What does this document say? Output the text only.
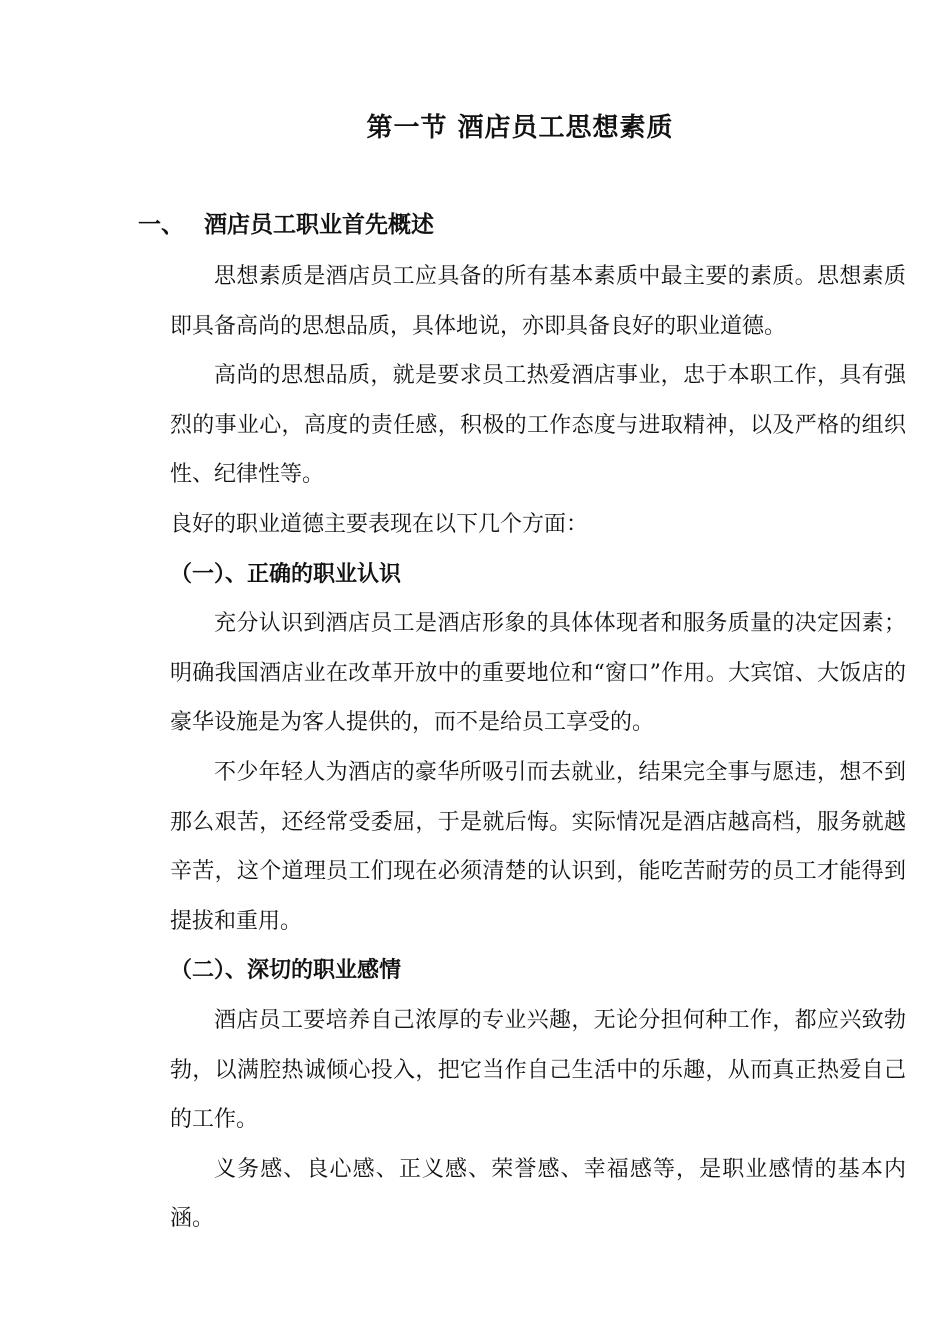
第一节 酒店员工思想素质
一、 酒店员工职业首先概述

思想素质是酒店员工应具备的所有基本素质中最主要的素质。思想素质即具备高尚的思想品质，具体地说，亦即具备良好的职业道德。

高尚的思想品质，就是要求员工热爱酒店事业，忠于本职工作，具有强烈的事业心，高度的责任感，积极的工作态度与进取精神，以及严格的组织性、纪律性等。

良好的职业道德主要表现在以下几个方面：

（一）、正确的职业认识

充分认识到酒店员工是酒店形象的具体体现者和服务质量的决定因素；明确我国酒店业在改革开放中的重要地位和“窗口”作用。大宾馆、大饭店的豪华设施是为客人提供的，而不是给员工享受的。

不少年轻人为酒店的豪华所吸引而去就业，结果完全事与愿违，想不到那么艰苦，还经常受委屈，于是就后悔。实际情况是酒店越高档，服务就越辛苦，这个道理员工们现在必须清楚的认识到，能吃苦耐劳的员工才能得到提拔和重用。

（二）、深切的职业感情

酒店员工要培养自己浓厚的专业兴趣，无论分担何种工作，都应兴致勃勃，以满腔热诚倾心投入，把它当作自己生活中的乐趣，从而真正热爱自己的工作。

义务感、良心感、正义感、荣誉感、幸福感等，是职业感情的基本内涵。
